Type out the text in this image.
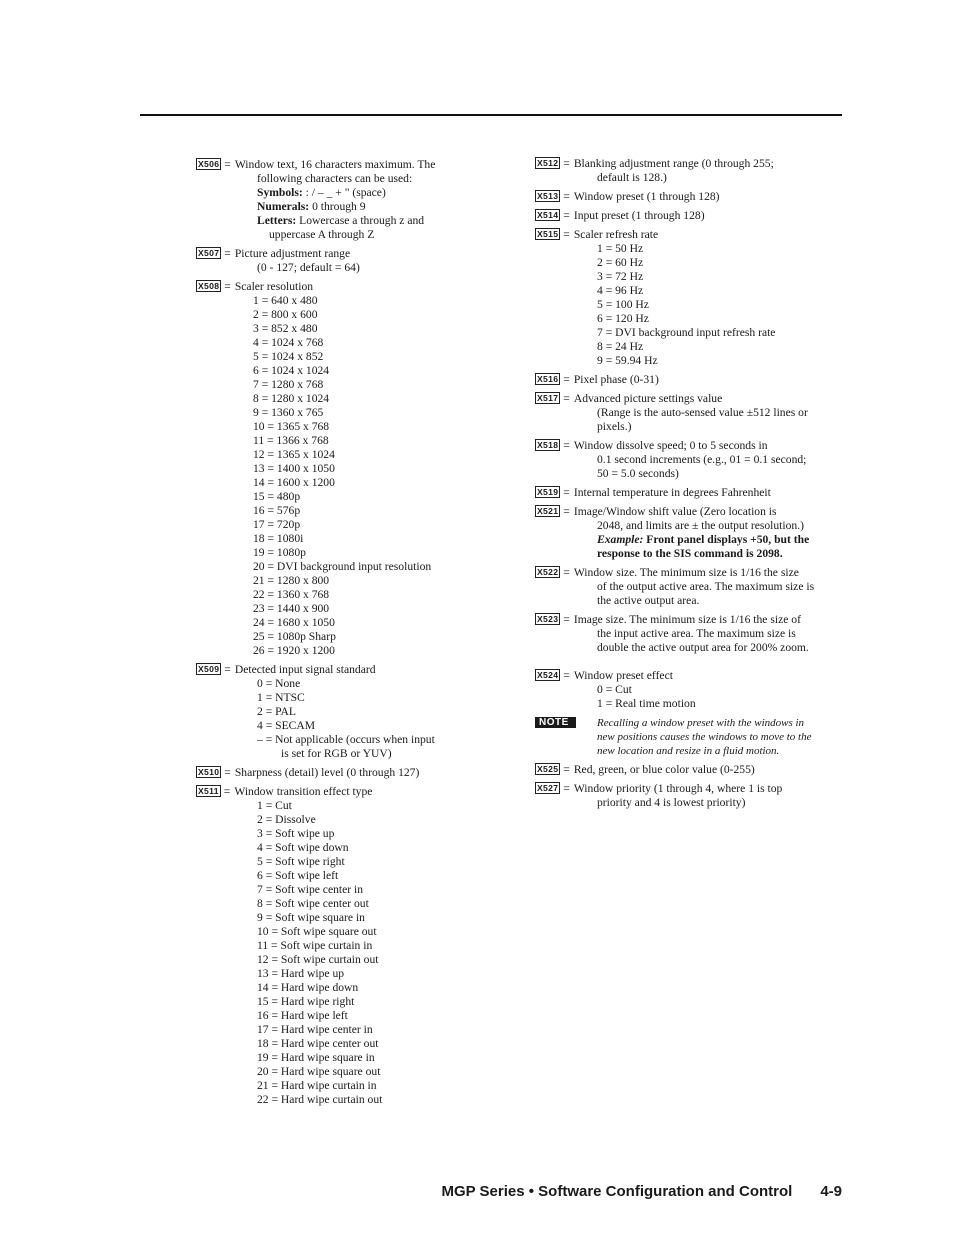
X506 = Window text, 16 characters maximum. The
following characters can be used:
Symbols: : / – _ + " (space)
Numerals: 0 through 9
Letters: Lowercase a through z and
uppercase A through Z
X507 = Picture adjustment range
(0 - 127; default = 64)
X508 = Scaler resolution
1 = 640 x 480
2 = 800 x 600
3 = 852 x 480
4 = 1024 x 768
5 = 1024 x 852
6 = 1024 x 1024
7 = 1280 x 768
8 = 1280 x 1024
9 = 1360 x 765
10 = 1365 x 768
11 = 1366 x 768
12 = 1365 x 1024
13 = 1400 x 1050
14 = 1600 x 1200
15 = 480p
16 = 576p
17 = 720p
18 = 1080i
19 = 1080p
20 = DVI background input resolution
21 = 1280 x 800
22 = 1360 x 768
23 = 1440 x 900
24 = 1680 x 1050
25 = 1080p Sharp
26 = 1920 x 1200
X509 = Detected input signal standard
0 = None
1 = NTSC
2 = PAL
4 = SECAM
– = Not applicable (occurs when input
is set for RGB or YUV)
X510 = Sharpness (detail) level (0 through 127)
X511 = Window transition effect type
1 = Cut
2 = Dissolve
3 = Soft wipe up
4 = Soft wipe down
5 = Soft wipe right
6 = Soft wipe left
7 = Soft wipe center in
8 = Soft wipe center out
9 = Soft wipe square in
10 = Soft wipe square out
11 = Soft wipe curtain in
12 = Soft wipe curtain out
13 = Hard wipe up
14 = Hard wipe down
15 = Hard wipe right
16 = Hard wipe left
17 = Hard wipe center in
18 = Hard wipe center out
19 = Hard wipe square in
20 = Hard wipe square out
21 = Hard wipe curtain in
22 = Hard wipe curtain out
X512 = Blanking adjustment range (0 through 255;
default is 128.)
X513 = Window preset (1 through 128)
X514 = Input preset (1 through 128)
X515 = Scaler refresh rate
1 = 50 Hz
2 = 60 Hz
3 = 72 Hz
4 = 96 Hz
5 = 100 Hz
6 = 120 Hz
7 = DVI background input refresh rate
8 = 24 Hz
9 = 59.94 Hz
X516 = Pixel phase (0-31)
X517 = Advanced picture settings value
(Range is the auto-sensed value ±512 lines or
pixels.)
X518 = Window dissolve speed; 0 to 5 seconds in
0.1 second increments (e.g., 01 = 0.1 second;
50 = 5.0 seconds)
X519 = Internal temperature in degrees Fahrenheit
X521 = Image/Window shift value (Zero location is
2048, and limits are ± the output resolution.)
Example: Front panel displays +50, but the
response to the SIS command is 2098.
X522 = Window size. The minimum size is 1/16 the size
of the output active area. The maximum size is
the active output area.
X523 = Image size. The minimum size is 1/16 the size of
the input active area. The maximum size is
double the active output area for 200% zoom.
X524 = Window preset effect
0 = Cut
1 = Real time motion
NOTE	Recalling a window preset with the windows in
new positions causes the windows to move to the
new location and resize in a fluid motion.
X525 = Red, green, or blue color value (0-255)
X527 = Window priority (1 through 4, where 1 is top
priority and 4 is lowest priority)
MGP Series • Software Configuration and Control 4-9
